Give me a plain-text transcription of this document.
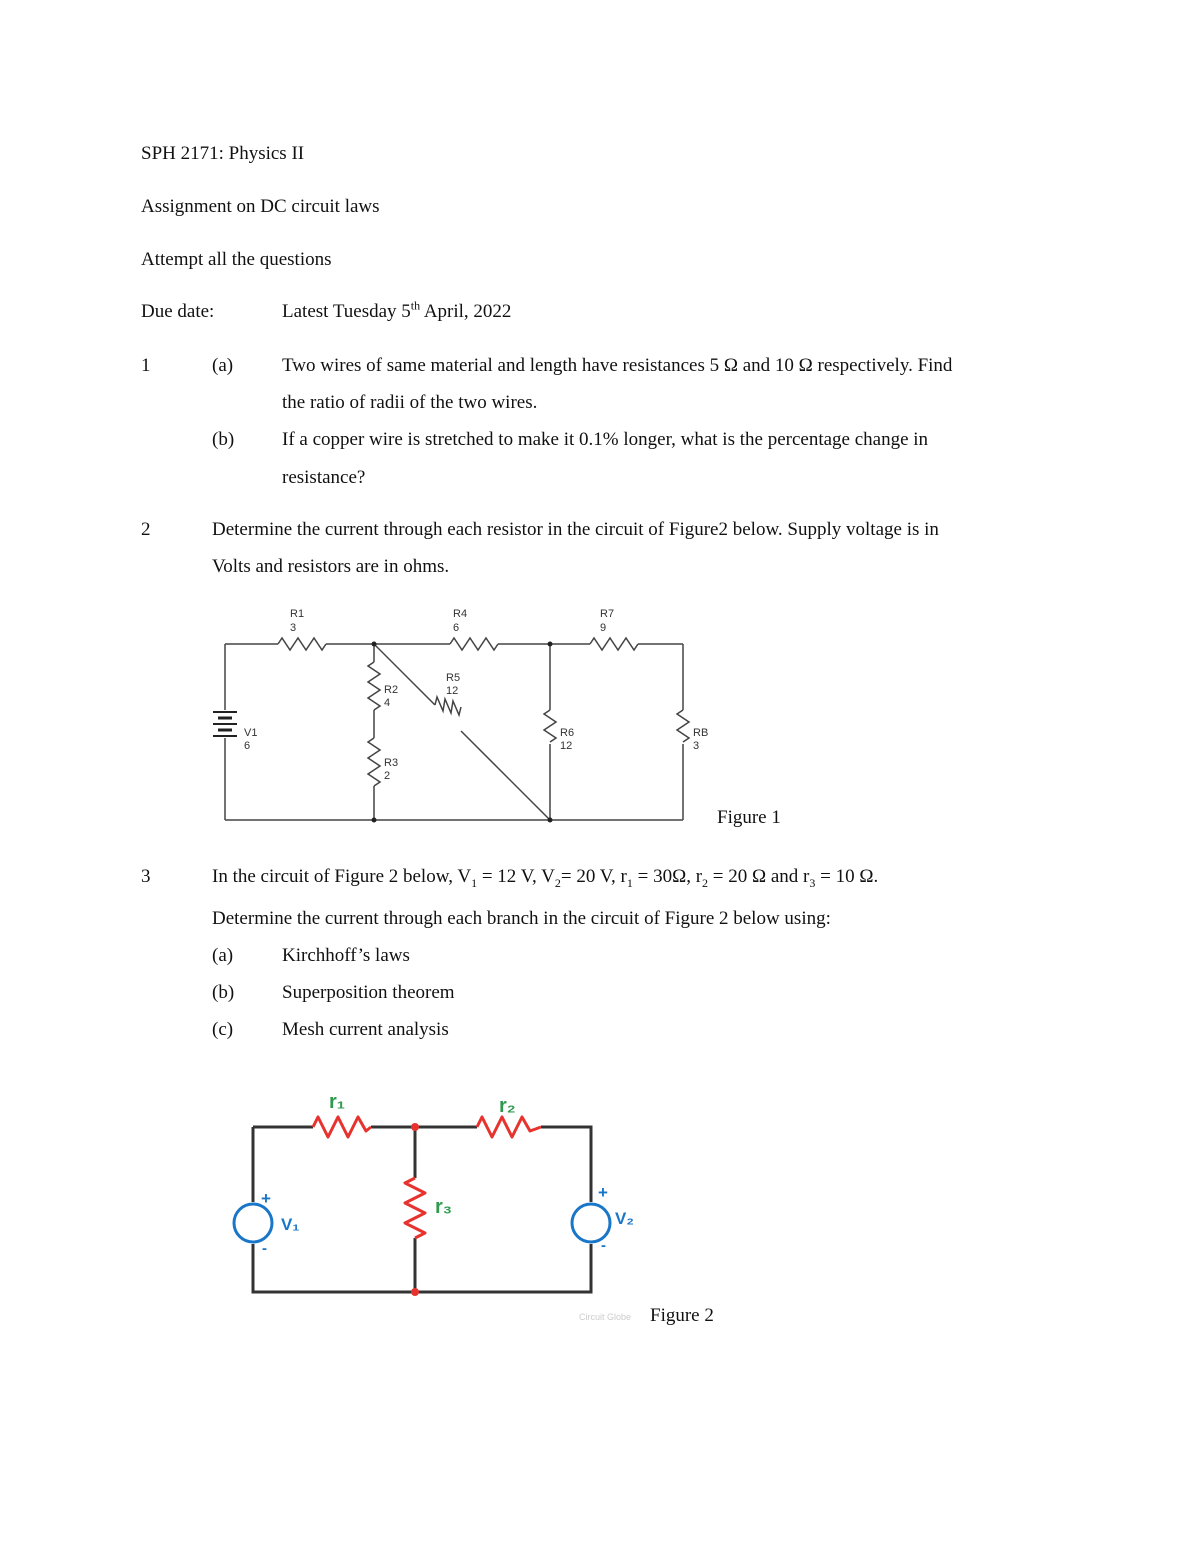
SPH 2171: Physics II
Assignment on DC circuit laws
Attempt all the questions
Due date:	Latest Tuesday 5th April, 2022
1	(a)	Two wires of same material and length have resistances 5 Ω and 10 Ω respectively. Find
the ratio of radii of the two wires.
(b)	If a copper wire is stretched to make it 0.1% longer, what is the percentage change in
resistance?
2	Determine the current through each resistor in the circuit of Figure2 below. Supply voltage is in
Volts and resistors are in ohms.
R1
3
R4
6
R7
9
R2
4
R5
12
R3
2
R6
12
RB
3
V1
6
Figure 1
3	In the circuit of Figure 2 below, $V_1 = 12$ V, $V_2= 20$ V, $r_1 = 30\Omega$, $r_2 = 20$ Ω and $r_3 = 10$ Ω.
Determine the current through each branch in the circuit of Figure 2 below using:
(a)	Kirchhoff’s laws
(b)	Superposition theorem
(c)	Mesh current analysis
r₁	r₂
r₃
V₁	V₂
+
-
+
-
Circuit Globe Figure 2
